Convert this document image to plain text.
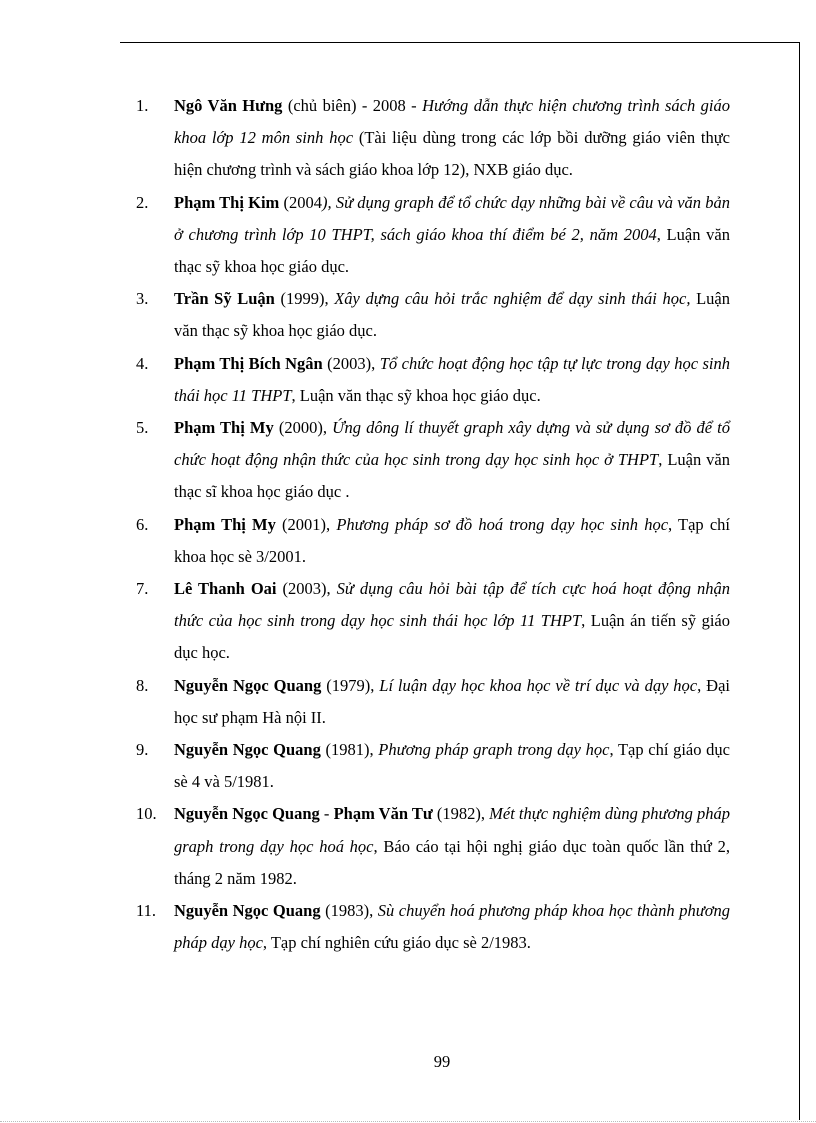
1.	Ngô Văn Hưng (chủ biên) - 2008 - Hướng dẫn thực hiện chương trình sách giáo khoa lớp 12 môn sinh học (Tài liệu dùng trong các lớp bồi dưỡng giáo viên thực hiện chương trình và sách giáo khoa lớp 12), NXB giáo dục.
2.	Phạm Thị Kim (2004), Sử dụng graph để tổ chức dạy những bài về câu và văn bản ở chương trình lớp 10 THPT, sách giáo khoa thí điểm bé 2, năm 2004, Luận văn thạc sỹ khoa học giáo dục.
3.	Trần Sỹ Luận (1999), Xây dựng câu hỏi trắc nghiệm để dạy sinh thái học, Luận văn thạc sỹ khoa học giáo dục.
4.	Phạm Thị Bích Ngân (2003), Tổ chức hoạt động học tập tự lực trong dạy học sinh thái học 11 THPT, Luận văn thạc sỹ khoa học giáo dục.
5.	Phạm Thị My (2000), Ứng dông lí thuyết graph xây dựng và sử dụng sơ đồ để tổ chức hoạt động nhận thức của học sinh trong dạy học sinh học ở THPT, Luận văn thạc sĩ khoa học giáo dục .
6.	Phạm Thị My (2001), Phương pháp sơ đồ hoá trong dạy học sinh học, Tạp chí khoa học sè 3/2001.
7.	Lê Thanh Oai (2003), Sử dụng câu hỏi bài tập để tích cực hoá hoạt động nhận thức của học sinh trong dạy học sinh thái học lớp 11 THPT, Luận án tiến sỹ giáo dục học.
8.	Nguyễn Ngọc Quang (1979), Lí luận dạy học khoa học về trí dục và dạy học, Đại học sư phạm Hà nội II.
9.	Nguyễn Ngọc Quang (1981), Phương pháp graph trong dạy học, Tạp chí giáo dục sè 4 và 5/1981.
10.	Nguyễn Ngọc Quang - Phạm Văn Tư (1982), Mét thực nghiệm dùng phương pháp graph trong dạy học hoá học, Báo cáo tại hội nghị giáo dục toàn quốc lần thứ 2, tháng 2 năm 1982.
11.	Nguyễn Ngọc Quang (1983), Sù chuyển hoá phương pháp khoa học thành phương pháp dạy học, Tạp chí nghiên cứu giáo dục sè 2/1983.
99
